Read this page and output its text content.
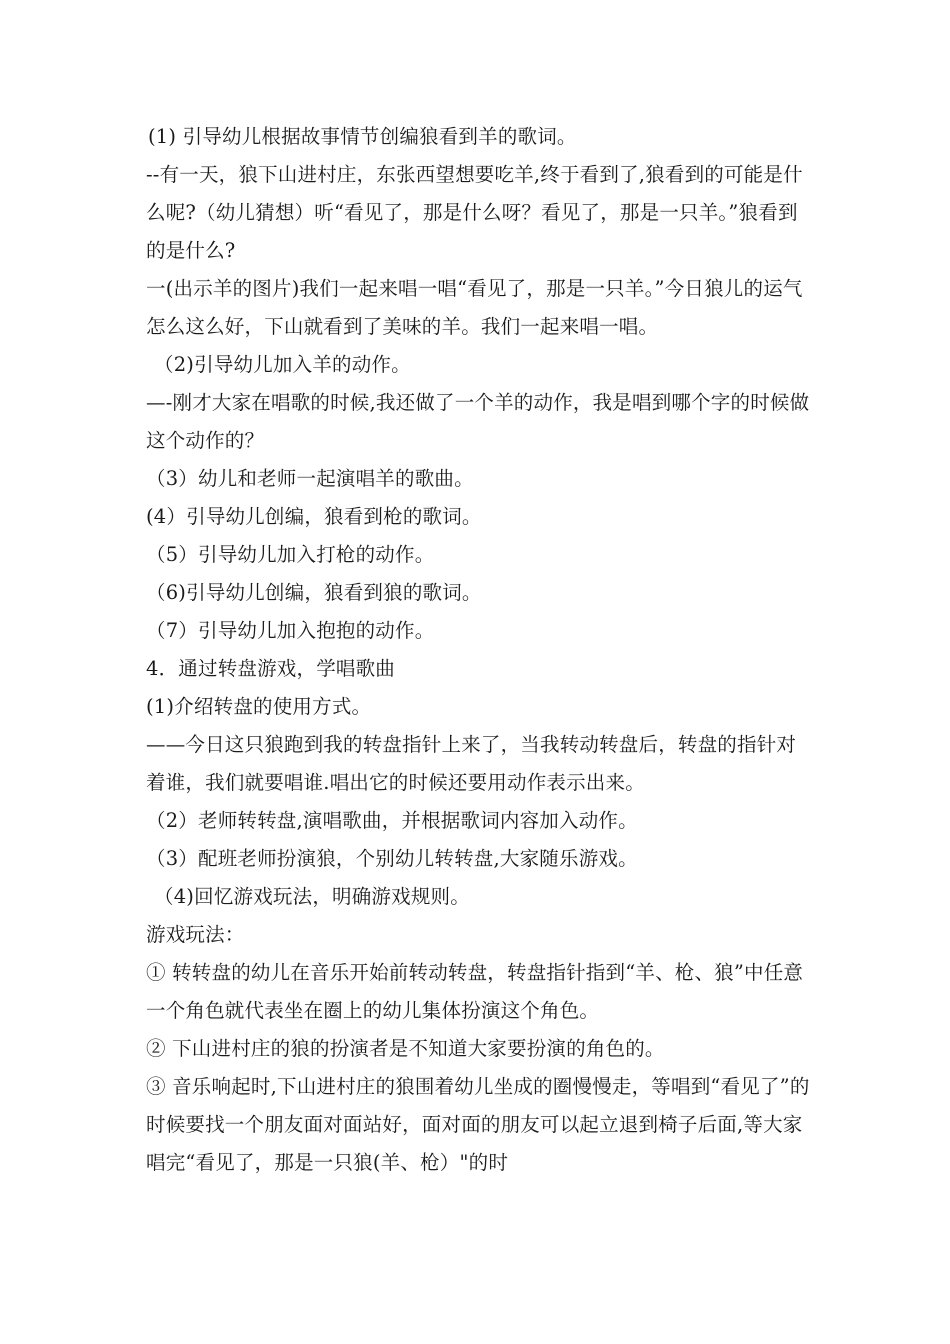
(1) 引导幼儿根据故事情节创编狼看到羊的歌词。

--有一天，狼下山进村庄，东张西望想要吃羊,终于看到了,狼看到的可能是什么呢?（幼儿猜想）听“看见了，那是什么呀？看见了，那是一只羊。”狼看到的是什么?

一(出示羊的图片)我们一起来唱一唱“看见了，那是一只羊。”今日狼儿的运气怎么这么好，下山就看到了美味的羊。我们一起来唱一唱。

（2)引导幼儿加入羊的动作。

—-刚才大家在唱歌的时候,我还做了一个羊的动作，我是唱到哪个字的时候做这个动作的？

（3）幼儿和老师一起演唱羊的歌曲。

(4）引导幼儿创编，狼看到枪的歌词。

（5）引导幼儿加入打枪的动作。

（6)引导幼儿创编，狼看到狼的歌词。

（7）引导幼儿加入抱抱的动作。

4．通过转盘游戏，学唱歌曲

(1)介绍转盘的使用方式。

——今日这只狼跑到我的转盘指针上来了，当我转动转盘后，转盘的指针对着谁，我们就要唱谁.唱出它的时候还要用动作表示出来。

（2）老师转转盘,演唱歌曲，并根据歌词内容加入动作。

（3）配班老师扮演狼，个别幼儿转转盘,大家随乐游戏。

（4)回忆游戏玩法，明确游戏规则。

游戏玩法：

① 转转盘的幼儿在音乐开始前转动转盘，转盘指针指到“羊、枪、狼”中任意一个角色就代表坐在圈上的幼儿集体扮演这个角色。

② 下山进村庄的狼的扮演者是不知道大家要扮演的角色的。

③ 音乐响起时,下山进村庄的狼围着幼儿坐成的圈慢慢走，等唱到“看见了”的时候要找一个朋友面对面站好，面对面的朋友可以起立退到椅子后面,等大家唱完“看见了，那是一只狼(羊、枪）"的时
